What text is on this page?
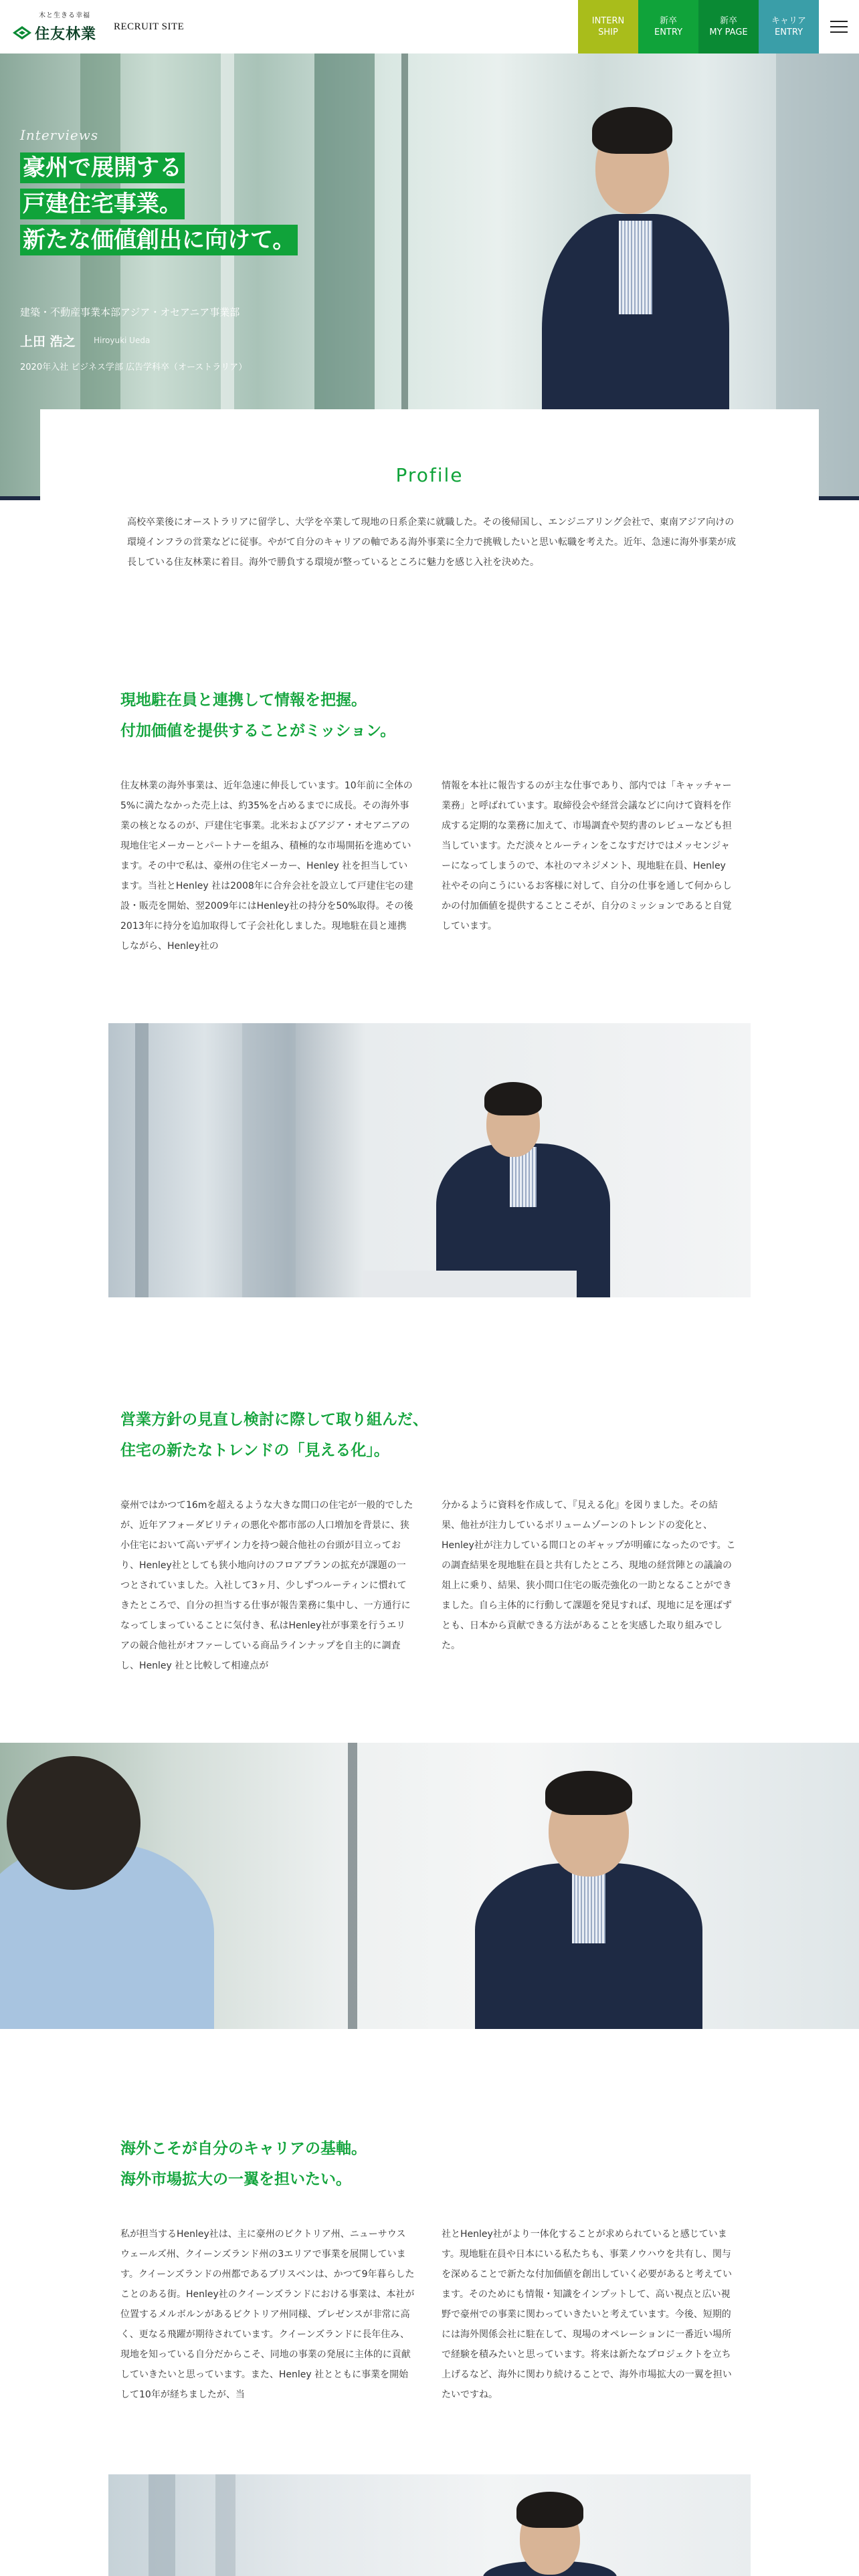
木と生きる幸福
住友林業 RECRUIT SITE
INTERN
SHIP
新卒
ENTRY
新卒
MY PAGE
キャリア
ENTRY
Interviews
豪州で展開する
戸建住宅事業。
新たな価値創出に向けて。
建築・不動産事業本部アジア・オセアニア事業部
上田 浩之 Hiroyuki Ueda
2020年入社 ビジネス学部 広告学科卒（オーストラリア）
Profile

高校卒業後にオーストラリアに留学し、大学を卒業して現地の日系企業に就職した。その後帰国し、エンジニアリング会社で、東南アジア向けの環境インフラの営業などに従事。やがて自分のキャリアの軸である海外事業に全力で挑戦したいと思い転職を考えた。近年、急速に海外事業が成長している住友林業に着目。海外で勝負する環境が整っているところに魅力を感じ入社を決めた。

現地駐在員と連携して情報を把握。
付加価値を提供することがミッション。

住友林業の海外事業は、近年急速に伸長しています。10年前に全体の5%に満たなかった売上は、約35%を占めるまでに成長。その海外事業の核となるのが、戸建住宅事業。北米およびアジア・オセアニアの現地住宅メーカーとパートナーを組み、積極的な市場開拓を進めています。その中で私は、豪州の住宅メーカー、Henley 社を担当しています。当社とHenley 社は2008年に合弁会社を設立して戸建住宅の建設・販売を開始、翌2009年にはHenley社の持分を50%取得。その後2013年に持分を追加取得して子会社化しました。現地駐在員と連携しながら、Henley社の

情報を本社に報告するのが主な仕事であり、部内では「キャッチャー業務」と呼ばれています。取締役会や経営会議などに向けて資料を作成する定期的な業務に加えて、市場調査や契約書のレビューなども担当しています。ただ淡々とルーティンをこなすだけではメッセンジャーになってしまうので、本社のマネジメント、現地駐在員、Henley 社やその向こうにいるお客様に対して、自分の仕事を通して何からしかの付加価値を提供することこそが、自分のミッションであると自覚しています。

営業方針の見直し検討に際して取り組んだ、
住宅の新たなトレンドの「見える化」。

豪州ではかつて16mを超えるような大きな間口の住宅が一般的でしたが、近年アフォーダビリティの悪化や都市部の人口増加を背景に、狭小住宅において高いデザイン力を持つ競合他社の台頭が目立っており、Henley社としても狭小地向けのフロアプランの拡充が課題の一つとされていました。入社して3ヶ月、少しずつルーティンに慣れてきたところで、自分の担当する仕事が報告業務に集中し、一方通行になってしまっていることに気付き、私はHenley社が事業を行うエリアの競合他社がオファーしている商品ラインナップを自主的に調査し、Henley 社と比較して相違点が

分かるように資料を作成して、『見える化』を図りました。その結果、他社が注力しているボリュームゾーンのトレンドの変化と、Henley社が注力している間口とのギャップが明確になったのです。この調査結果を現地駐在員と共有したところ、現地の経営陣との議論の俎上に乗り、結果、狭小間口住宅の販売強化の一助となることができました。自ら主体的に行動して課題を発見すれば、現地に足を運ばずとも、日本から貢献できる方法があることを実感した取り組みでした。

海外こそが自分のキャリアの基軸。
海外市場拡大の一翼を担いたい。

私が担当するHenley社は、主に豪州のビクトリア州、ニューサウスウェールズ州、クイーンズランド州の3エリアで事業を展開しています。クイーンズランドの州都であるブリスベンは、かつて9年暮らしたことのある街。Henley社のクイーンズランドにおける事業は、本社が位置するメルボルンがあるビクトリア州同様、プレゼンスが非常に高く、更なる飛躍が期待されています。クイーンズランドに長年住み、現地を知っている自分だからこそ、同地の事業の発展に主体的に貢献していきたいと思っています。また、Henley 社とともに事業を開始して10年が経ちましたが、当

社とHenley社がより一体化することが求められていると感じています。現地駐在員や日本にいる私たちも、事業ノウハウを共有し、関与を深めることで新たな付加価値を創出していく必要があると考えています。そのためにも情報・知識をインプットして、高い視点と広い視野で豪州での事業に関わっていきたいと考えています。今後、短期的には海外関係会社に駐在して、現場のオペレーションに一番近い場所で経験を積みたいと思っています。将来は新たなプロジェクトを立ち上げるなど、海外に関わり続けることで、海外市場拡大の一翼を担いたいですね。
